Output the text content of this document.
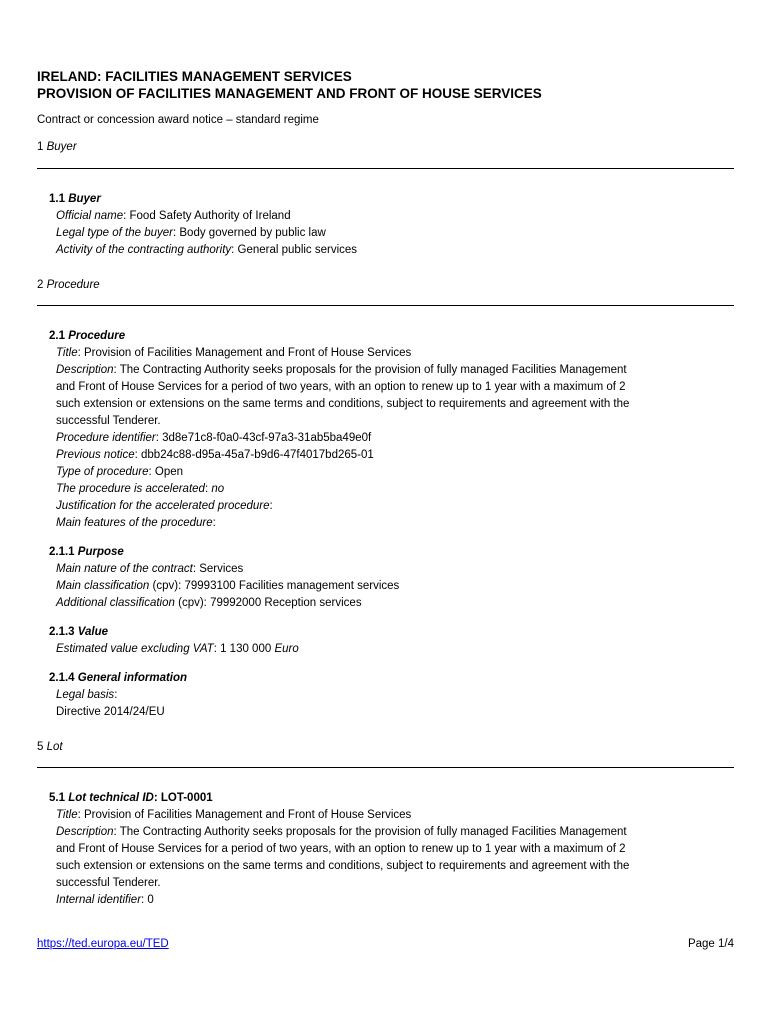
IRELAND: FACILITIES MANAGEMENT SERVICES
PROVISION OF FACILITIES MANAGEMENT AND FRONT OF HOUSE SERVICES
Contract or concession award notice – standard regime
1 Buyer
1.1 Buyer
Official name: Food Safety Authority of Ireland
Legal type of the buyer: Body governed by public law
Activity of the contracting authority: General public services
2 Procedure
2.1 Procedure
Title: Provision of Facilities Management and Front of House Services
Description: The Contracting Authority seeks proposals for the provision of fully managed Facilities Management
and Front of House Services for a period of two years, with an option to renew up to 1 year with a maximum of 2
such extension or extensions on the same terms and conditions, subject to requirements and agreement with the
successful Tenderer.
Procedure identifier: 3d8e71c8-f0a0-43cf-97a3-31ab5ba49e0f
Previous notice: dbb24c88-d95a-45a7-b9d6-47f4017bd265-01
Type of procedure: Open
The procedure is accelerated: no
Justification for the accelerated procedure:
Main features of the procedure:
2.1.1 Purpose
Main nature of the contract: Services
Main classification (cpv): 79993100 Facilities management services
Additional classification (cpv): 79992000 Reception services
2.1.3 Value
Estimated value excluding VAT: 1 130 000 Euro
2.1.4 General information
Legal basis:
Directive 2014/24/EU
5 Lot
5.1 Lot technical ID: LOT-0001
Title: Provision of Facilities Management and Front of House Services
Description: The Contracting Authority seeks proposals for the provision of fully managed Facilities Management
and Front of House Services for a period of two years, with an option to renew up to 1 year with a maximum of 2
such extension or extensions on the same terms and conditions, subject to requirements and agreement with the
successful Tenderer.
Internal identifier: 0
https://ted.europa.eu/TED	Page 1/4
